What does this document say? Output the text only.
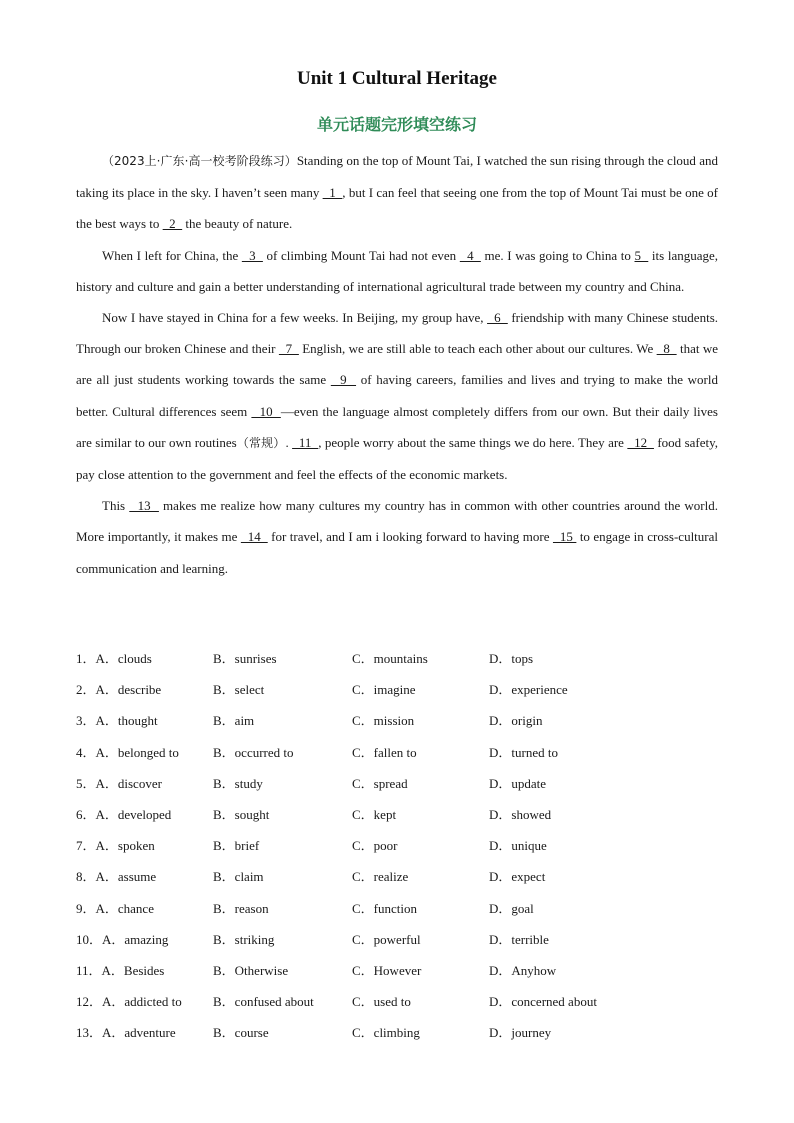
Unit 1 Cultural Heritage
单元话题完形填空练习

（2023上·广东·高一校考阶段练习）Standing on the top of Mount Tai, I watched the sun rising through the cloud and taking its place in the sky. I haven’t seen many   1  , but I can feel that seeing one from the top of Mount Tai must be one of the best ways to   2   the beauty of nature.

When I left for China, the   3   of climbing Mount Tai had not even   4   me. I was going to China to 5   its language, history and culture and gain a better understanding of international agricultural trade between my country and China.

Now I have stayed in China for a few weeks. In Beijing, my group have,   6   friendship with many Chinese students. Through our broken Chinese and their   7   English, we are still able to teach each other about our cultures. We   8   that we are all just students working towards the same   9   of having careers, families and lives and trying to make the world better. Cultural differences seem   10  —even the language almost completely differs from our own. But their daily lives are similar to our own routines（常规）.   11  , people worry about the same things we do here. They are   12   food safety, pay close attention to the government and feel the effects of the economic markets.

This   13   makes me realize how many cultures my country has in common with other countries around the world. More importantly, it makes me   14   for travel, and I am i looking forward to having more   15  to engage in cross-cultural communication and learning.

1．A．clouds	B．sunrises	C．mountains	D．tops
2．A．describe	B．select	C．imagine	D．experience
3．A．thought	B．aim	C．mission	D．origin
4．A．belonged to	B．occurred to	C．fallen to	D．turned to
5．A．discover	B．study	C．spread	D．update
6．A．developed	B．sought	C．kept	D．showed
7．A．spoken	B．brief	C．poor	D．unique
8．A．assume	B．claim	C．realize	D．expect
9．A．chance	B．reason	C．function	D．goal
10．A．amazing	B．striking	C．powerful	D．terrible
11．A．Besides	B．Otherwise	C．However	D．Anyhow
12．A．addicted to B．confused about	C．used to	D．concerned about
13．A．adventure	B．course	C．climbing	D．journey
